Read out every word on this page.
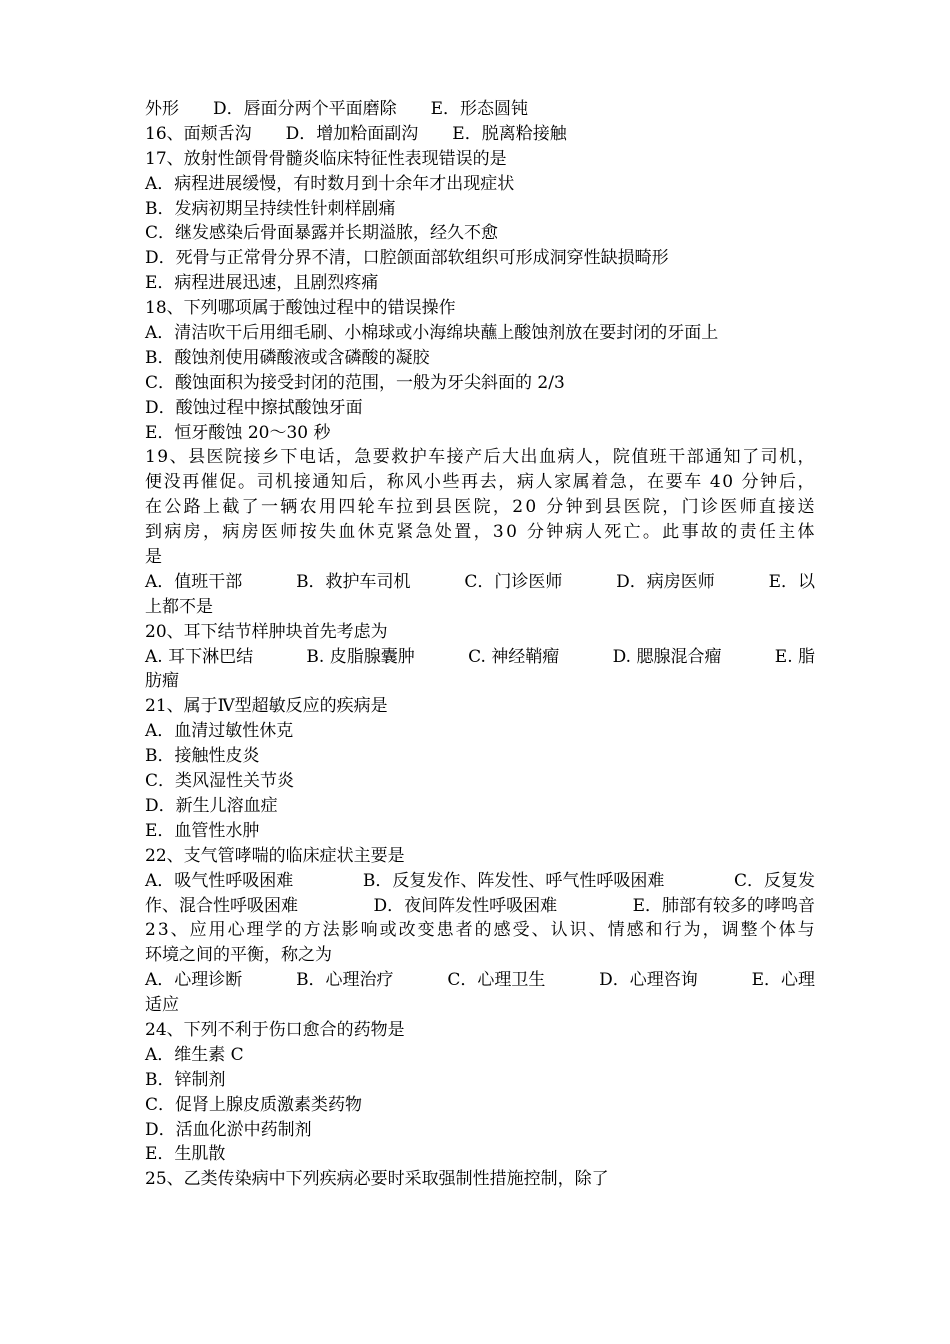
外形 D．唇面分两个平面磨除 E．形态圆钝
16、面颊舌沟 D．增加粭面副沟 E．脱离粭接触
17、放射性颌骨骨髓炎临床特征性表现错误的是
A．病程进展缓慢，有时数月到十余年才出现症状
B．发病初期呈持续性针刺样剧痛
C．继发感染后骨面暴露并长期溢脓，经久不愈
D．死骨与正常骨分界不清，口腔颌面部软组织可形成洞穿性缺损畸形
E．病程进展迅速，且剧烈疼痛
18、下列哪项属于酸蚀过程中的错误操作
A．清洁吹干后用细毛刷、小棉球或小海绵块蘸上酸蚀剂放在要封闭的牙面上
B．酸蚀剂使用磷酸液或含磷酸的凝胶
C．酸蚀面积为接受封闭的范围，一般为牙尖斜面的 2/3
D．酸蚀过程中擦拭酸蚀牙面
E．恒牙酸蚀 20～30 秒
1 9 、 县 医 院 接 乡 下 电 话 ， 急 要 救 护 车 接 产 后 大 出 血 病 人 ， 院 值 班 干 部 通 知 了 司 机 ，
便 没 再 催 促 。 司 机 接 通 知 后 ， 称 风 小 些 再 去 ， 病 人 家 属 着 急 ， 在 要 车
4 0
分 钟 后 ，
在 公 路 上 截 了 一 辆 农 用 四 轮 车 拉 到 县 医 院 ， 2 0
分 钟 到 县 医 院 ， 门 诊 医 师 直 接 送
到 病 房 ， 病 房 医 师 按 失 血 休 克 紧 急 处 置 ， 3 0
分 钟 病 人 死 亡 。 此 事 故 的 责 任 主 体
是
A．值班干部	B．救护车司机	C．门诊医师	D．病房医师	E．以
上都不是
20、耳下结节样肿块首先考虑为
A. 耳下淋巴结	B. 皮脂腺囊肿	C. 神经鞘瘤	D. 腮腺混合瘤	E. 脂
肪瘤
21、属于Ⅳ型超敏反应的疾病是
A．血清过敏性休克
B．接触性皮炎
C．类风湿性关节炎
D．新生儿溶血症
E．血管性水肿
22、支气管哮喘的临床症状主要是
A．吸气性呼吸困难	B．反复发作、阵发性、呼气性呼吸困难	C．反复发
作、混合性呼吸困难	D．夜间阵发性呼吸困难	E．肺部有较多的哮鸣音
2 3 、 应 用 心 理 学 的 方 法 影 响 或 改 变 患 者 的 感 受 、 认 识 、 情 感 和 行 为 ， 调 整 个 体 与
环境之间的平衡，称之为
A．心理诊断	B．心理治疗	C．心理卫生	D．心理咨询	E．心理
适应
24、下列不利于伤口愈合的药物是
A．维生素 C
B．锌制剂
C．促肾上腺皮质激素类药物
D．活血化淤中药制剂
E．生肌散
25、乙类传染病中下列疾病必要时采取强制性措施控制，除了
